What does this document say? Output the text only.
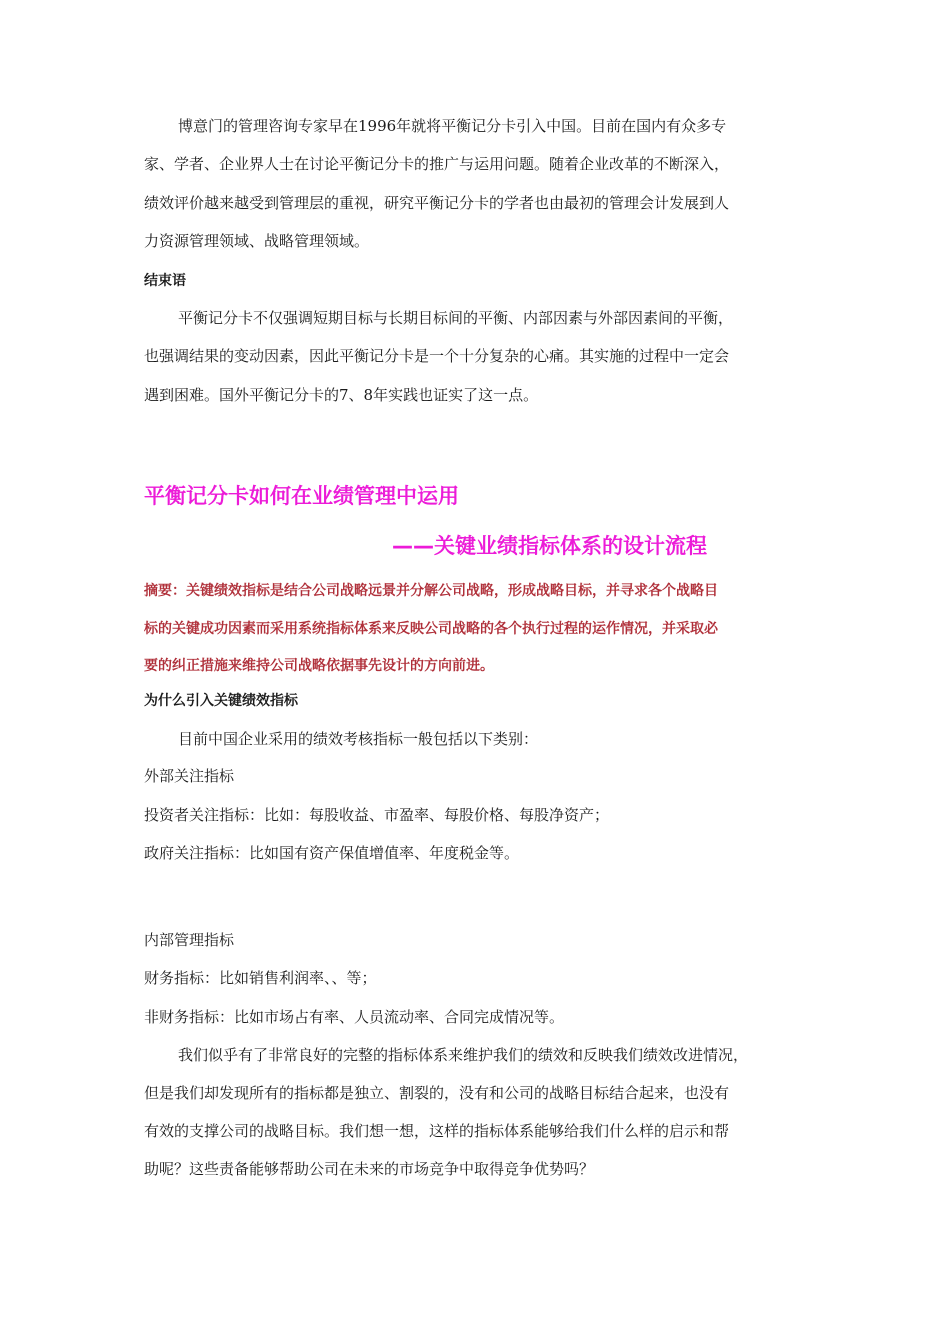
博意门的管理咨询专家早在1996年就将平衡记分卡引入中国。目前在国内有众多专
家、学者、企业界人士在讨论平衡记分卡的推广与运用问题。随着企业改革的不断深入，
绩效评价越来越受到管理层的重视，研究平衡记分卡的学者也由最初的管理会计发展到人
力资源管理领域、战略管理领域。
结束语
平衡记分卡不仅强调短期目标与长期目标间的平衡、内部因素与外部因素间的平衡，
也强调结果的变动因素，因此平衡记分卡是一个十分复杂的心痛。其实施的过程中一定会
遇到困难。国外平衡记分卡的7、8年实践也证实了这一点。
平衡记分卡如何在业绩管理中运用
——关键业绩指标体系的设计流程
摘要：关键绩效指标是结合公司战略远景并分解公司战略，形成战略目标，并寻求各个战略目
标的关键成功因素而采用系统指标体系来反映公司战略的各个执行过程的运作情况，并采取必
要的纠正措施来维持公司战略依据事先设计的方向前进。
为什么引入关键绩效指标
目前中国企业采用的绩效考核指标一般包括以下类别：
外部关注指标
投资者关注指标：比如：每股收益、市盈率、每股价格、每股净资产；
政府关注指标：比如国有资产保值增值率、年度税金等。
内部管理指标
财务指标：比如销售利润率、、等；
非财务指标：比如市场占有率、人员流动率、合同完成情况等。
我们似乎有了非常良好的完整的指标体系来维护我们的绩效和反映我们绩效改进情况，
但是我们却发现所有的指标都是独立、割裂的，没有和公司的战略目标结合起来，也没有
有效的支撑公司的战略目标。我们想一想，这样的指标体系能够给我们什么样的启示和帮
助呢？这些责备能够帮助公司在未来的市场竞争中取得竞争优势吗？
